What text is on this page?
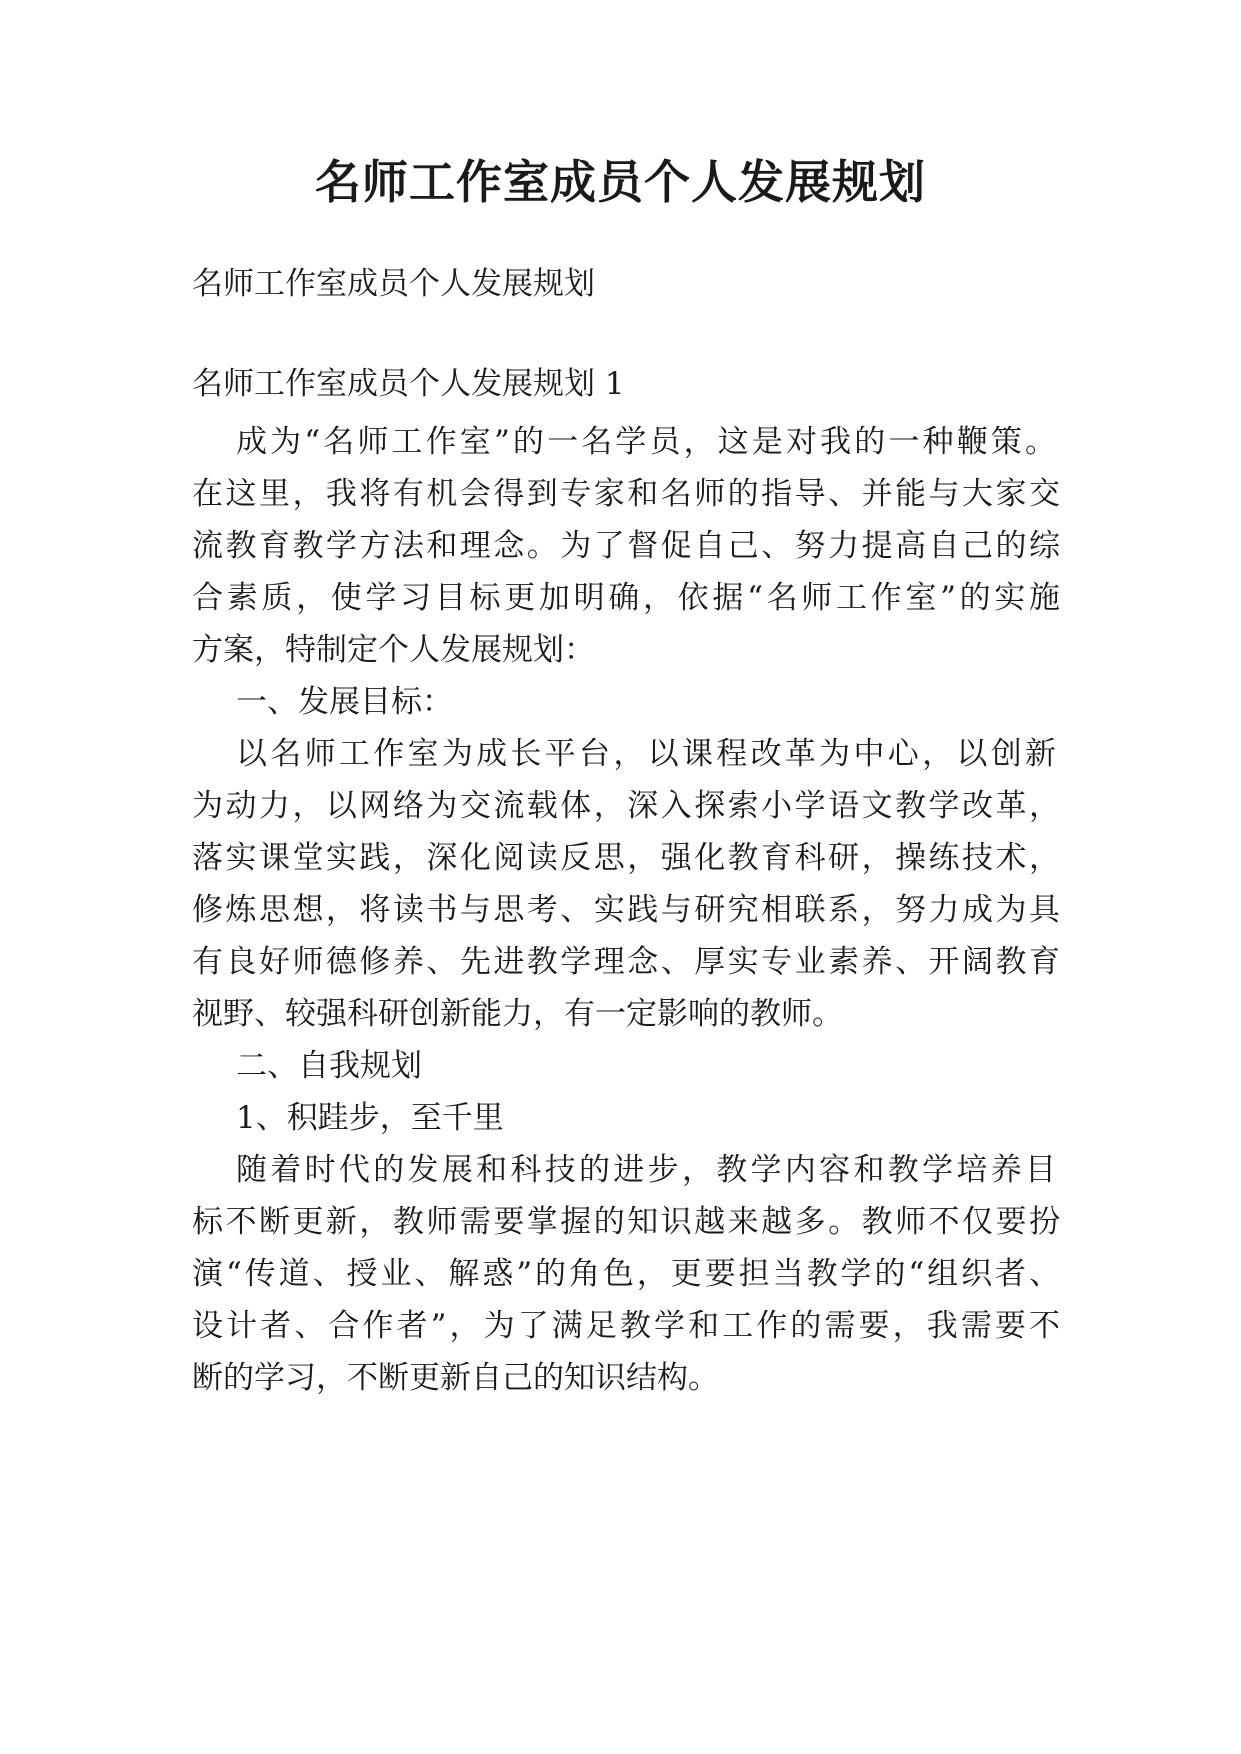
名师工作室成员个人发展规划

名师工作室成员个人发展规划

名师工作室成员个人发展规划 1

成为“名师工作室”的一名学员，这是对我的一种鞭策。

在这里，我将有机会得到专家和名师的指导、并能与大家交

流教育教学方法和理念。为了督促自己、努力提高自己的综

合素质，使学习目标更加明确，依据“名师工作室”的实施

方案，特制定个人发展规划：

一、发展目标：

以名师工作室为成长平台，以课程改革为中心，以创新

为动力，以网络为交流载体，深入探索小学语文教学改革，

落实课堂实践，深化阅读反思，强化教育科研，操练技术，

修炼思想，将读书与思考、实践与研究相联系，努力成为具

有良好师德修养、先进教学理念、厚实专业素养、开阔教育

视野、较强科研创新能力，有一定影响的教师。

二、自我规划

1、积跬步，至千里

随着时代的发展和科技的进步，教学内容和教学培养目

标不断更新，教师需要掌握的知识越来越多。教师不仅要扮

演“传道、授业、解惑”的角色，更要担当教学的“组织者、

设计者、合作者”，为了满足教学和工作的需要，我需要不

断的学习，不断更新自己的知识结构。
